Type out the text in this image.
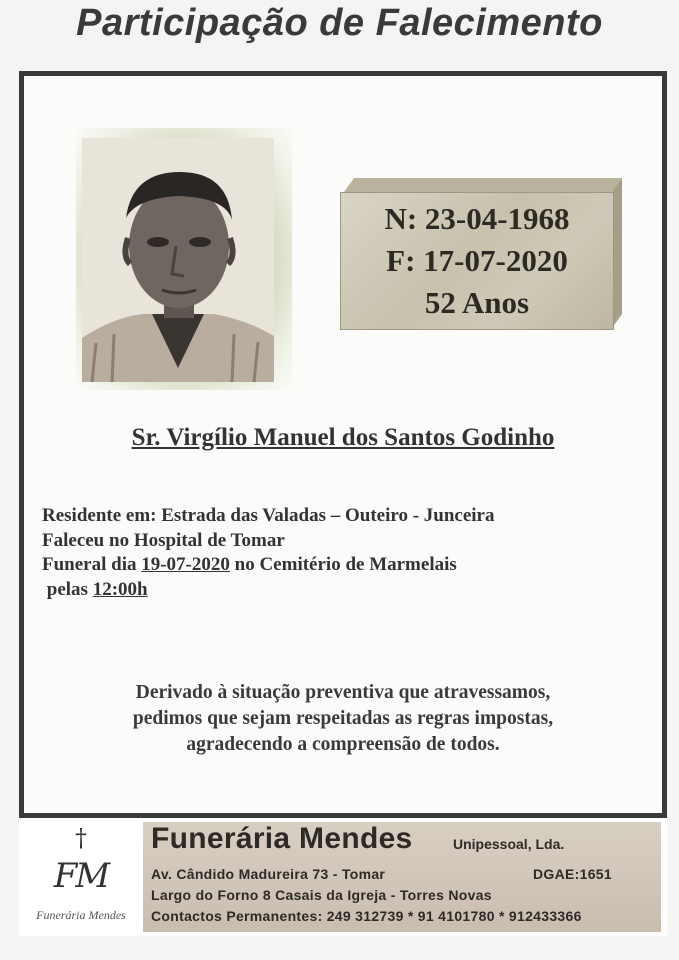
Participação de Falecimento
N: 23-04-1968
F: 17-07-2020
52 Anos
Sr. Virgílio Manuel dos Santos Godinho
Residente em: Estrada das Valadas – Outeiro - Junceira
Faleceu no Hospital de Tomar
Funeral dia 19-07-2020 no Cemitério de Marmelais
pelas 12:00h
Derivado à situação preventiva que atravessamos,
pedimos que sejam respeitadas as regras impostas,
agradecendo a compreensão de todos.
†
FM
Funerária Mendes
Funerária Mendes	Unipessoal, Lda.
Av. Cândido Madureira 73 - Tomar	DGAE:1651
Largo do Forno 8 Casais da Igreja - Torres Novas
Contactos Permanentes: 249 312739 * 91 4101780 * 912433366
